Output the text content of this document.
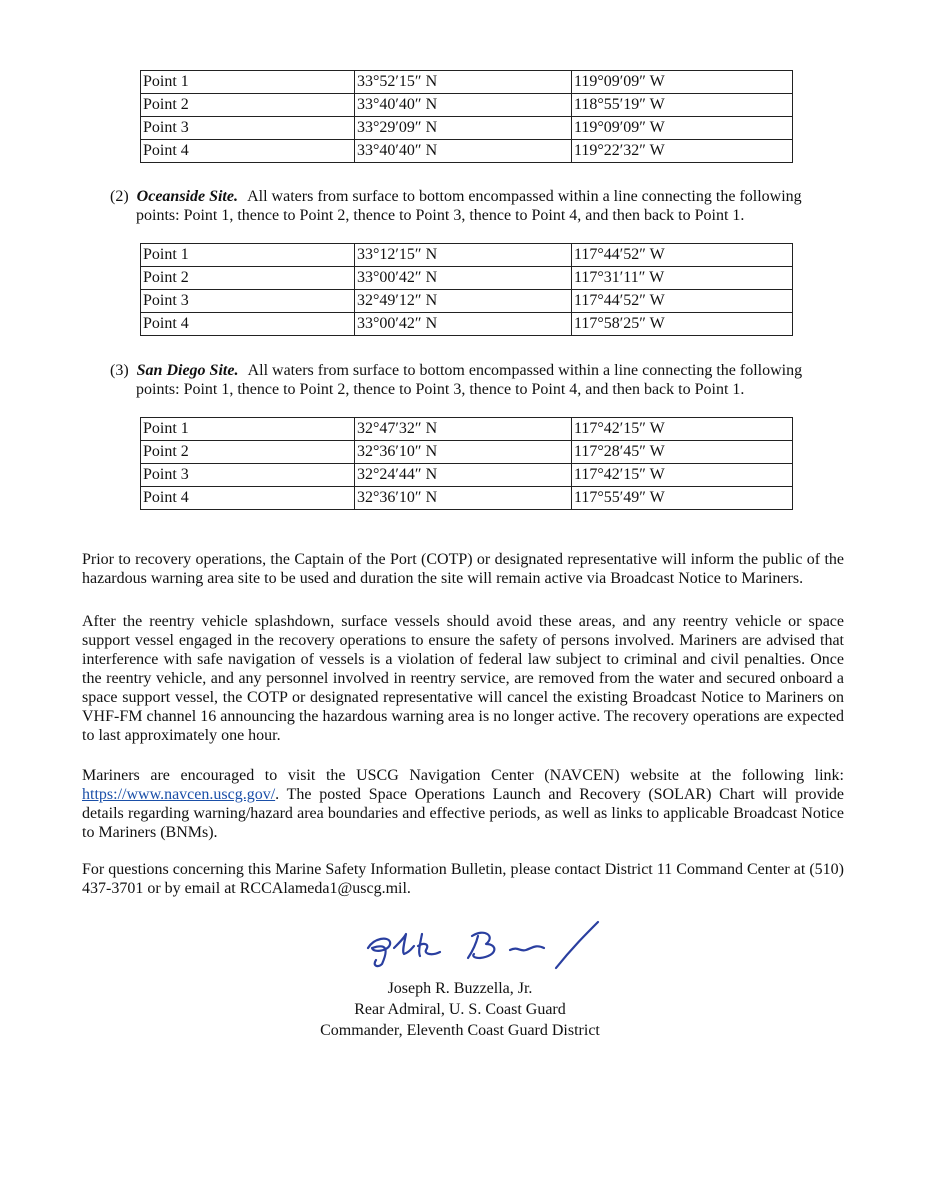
Point 1	33°52′15″ N	119°09′09″ W
Point 2	33°40′40″ N	118°55′19″ W
Point 3	33°29′09″ N	119°09′09″ W
Point 4	33°40′40″ N	119°22′32″ W
(2) Oceanside Site. All waters from surface to bottom encompassed within a line connecting the following
points: Point 1, thence to Point 2, thence to Point 3, thence to Point 4, and then back to Point 1.
Point 1	33°12′15″ N	117°44′52″ W
Point 2	33°00′42″ N	117°31′11″ W
Point 3	32°49′12″ N	117°44′52″ W
Point 4	33°00′42″ N	117°58′25″ W
(3) San Diego Site. All waters from surface to bottom encompassed within a line connecting the following
points: Point 1, thence to Point 2, thence to Point 3, thence to Point 4, and then back to Point 1.
Point 1	32°47′32″ N	117°42′15″ W
Point 2	32°36′10″ N	117°28′45″ W
Point 3	32°24′44″ N	117°42′15″ W
Point 4	32°36′10″ N	117°55′49″ W

Prior to recovery operations, the Captain of the Port (COTP) or designated representative will inform the public of the hazardous warning area site to be used and duration the site will remain active via Broadcast Notice to Mariners.

After the reentry vehicle splashdown, surface vessels should avoid these areas, and any reentry vehicle or space support vessel engaged in the recovery operations to ensure the safety of persons involved. Mariners are advised that interference with safe navigation of vessels is a violation of federal law subject to criminal and civil penalties. Once the reentry vehicle, and any personnel involved in reentry service, are removed from the water and secured onboard a space support vessel, the COTP or designated representative will cancel the existing Broadcast Notice to Mariners on VHF-FM channel 16 announcing the hazardous warning area is no longer active. The recovery operations are expected to last approximately one hour.

Mariners are encouraged to visit the USCG Navigation Center (NAVCEN) website at the following link: https://www.navcen.uscg.gov/. The posted Space Operations Launch and Recovery (SOLAR) Chart will provide details regarding warning/hazard area boundaries and effective periods, as well as links to applicable Broadcast Notice to Mariners (BNMs).

For questions concerning this Marine Safety Information Bulletin, please contact District 11 Command Center at (510) 437-3701 or by email at RCCAlameda1@uscg.mil.

Joseph R. Buzzella, Jr.
Rear Admiral, U. S. Coast Guard
Commander, Eleventh Coast Guard District
